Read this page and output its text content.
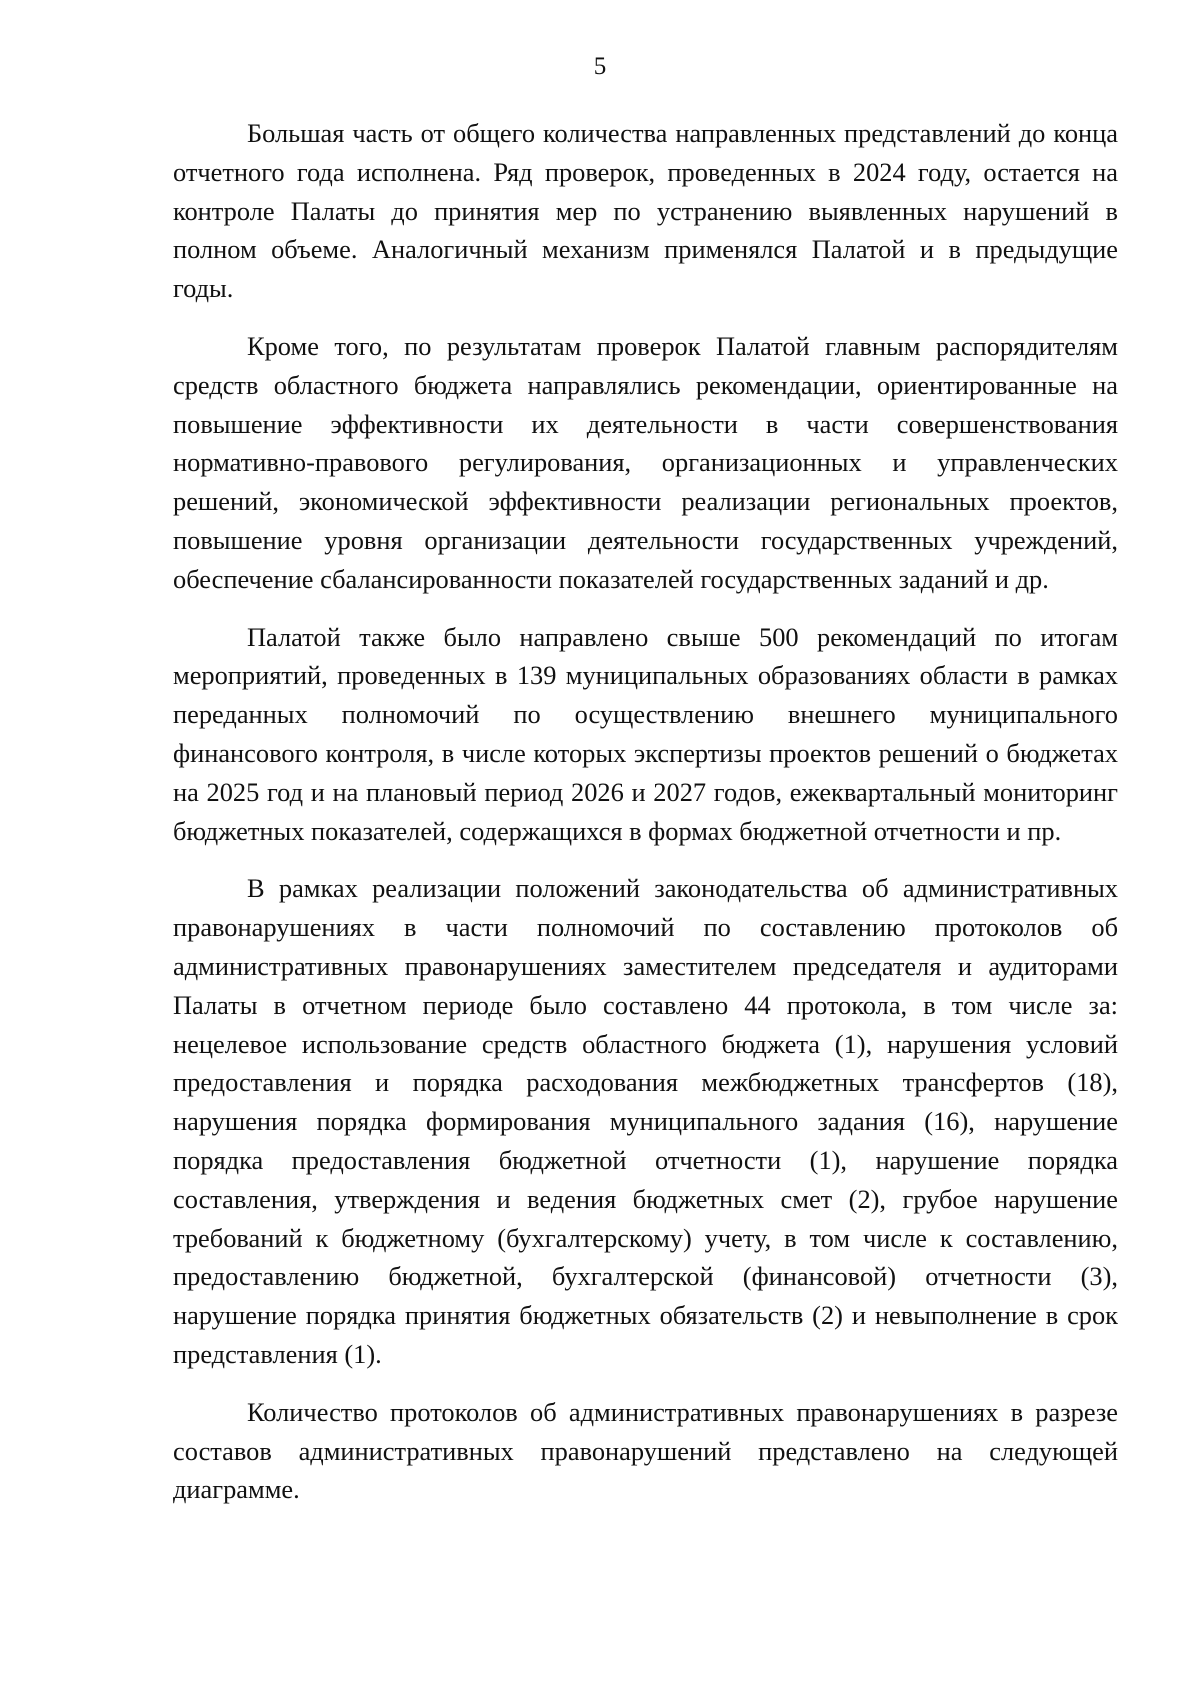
5

Большая часть от общего количества направленных представлений до конца отчетного года исполнена. Ряд проверок, проведенных в 2024 году, остается на контроле Палаты до принятия мер по устранению выявленных нарушений в полном объеме. Аналогичный механизм применялся Палатой и в предыдущие годы.

Кроме того, по результатам проверок Палатой главным распорядителям средств областного бюджета направлялись рекомендации, ориентированные на повышение эффективности их деятельности в части совершенствования нормативно-правового регулирования, организационных и управленческих решений, экономической эффективности реализации региональных проектов, повышение уровня организации деятельности государственных учреждений, обеспечение сбалансированности показателей государственных заданий и др.

Палатой также было направлено свыше 500 рекомендаций по итогам мероприятий, проведенных в 139 муниципальных образованиях области в рамках переданных полномочий по осуществлению внешнего муниципального финансового контроля, в числе которых экспертизы проектов решений о бюджетах на 2025 год и на плановый период 2026 и 2027 годов, ежеквартальный мониторинг бюджетных показателей, содержащихся в формах бюджетной отчетности и пр.

В рамках реализации положений законодательства об административных правонарушениях в части полномочий по составлению протоколов об административных правонарушениях заместителем председателя и аудиторами Палаты в отчетном периоде было составлено 44 протокола, в том числе за: нецелевое использование средств областного бюджета (1), нарушения условий предоставления и порядка расходования межбюджетных трансфертов (18), нарушения порядка формирования муниципального задания (16), нарушение порядка предоставления бюджетной отчетности (1), нарушение порядка составления, утверждения и ведения бюджетных смет (2), грубое нарушение требований к бюджетному (бухгалтерскому) учету, в том числе к составлению, предоставлению бюджетной, бухгалтерской (финансовой) отчетности (3), нарушение порядка принятия бюджетных обязательств (2) и невыполнение в срок представления (1).

Количество протоколов об административных правонарушениях в разрезе составов административных правонарушений представлено на следующей диаграмме.
